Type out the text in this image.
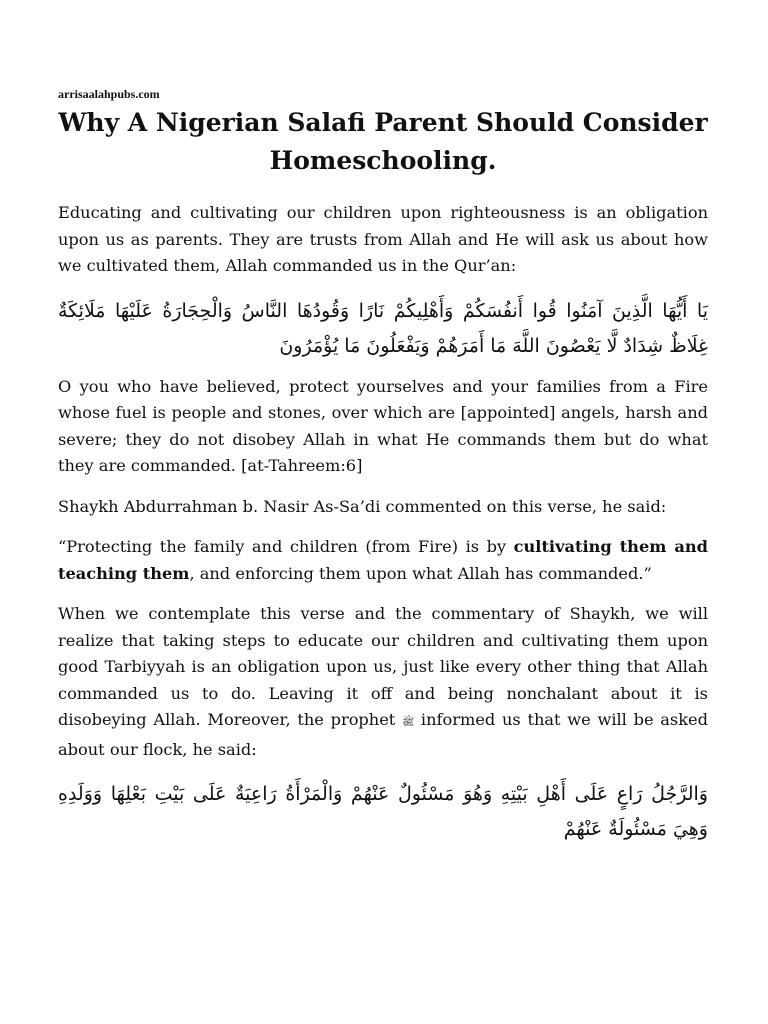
arrisaalahpubs.com
Why A Nigerian Salafi Parent Should Consider
Homeschooling.

Educating and cultivating our children upon righteousness is an obligation upon us as parents. They are trusts from Allah and He will ask us about how we cultivated them, Allah commanded us in the Qur’an:

يَا أَيُّهَا الَّذِينَ آمَنُوا قُوا أَنفُسَكُمْ وَأَهْلِيكُمْ نَارًا وَقُودُهَا النَّاسُ وَالْحِجَارَةُ عَلَيْهَا مَلَائِكَةٌ غِلَاظٌ شِدَادٌ لَّا يَعْصُونَ اللَّهَ مَا أَمَرَهُمْ وَيَفْعَلُونَ مَا يُؤْمَرُونَ

O you who have believed, protect yourselves and your families from a Fire whose fuel is people and stones, over which are [appointed] angels, harsh and severe; they do not disobey Allah in what He commands them but do what they are commanded. [at-Tahreem:6]

Shaykh Abdurrahman b. Nasir As-Sa’di commented on this verse, he said:

“Protecting the family and children (from Fire) is by cultivating them and teaching them, and enforcing them upon what Allah has commanded.”

When we contemplate this verse and the commentary of Shaykh, we will realize that taking steps to educate our children and cultivating them upon good Tarbiyyah is an obligation upon us, just like every other thing that Allah commanded us to do. Leaving it off and being nonchalant about it is disobeying Allah. Moreover, the prophet ﷺ informed us that we will be asked about our flock, he said:

وَالرَّجُلُ رَاعٍ عَلَى أَهْلِ بَيْتِهِ وَهُوَ مَسْئُولٌ عَنْهُمْ وَالْمَرْأَةُ رَاعِيَةٌ عَلَى بَيْتِ بَعْلِهَا وَوَلَدِهِ وَهِيَ مَسْئُولَةٌ عَنْهُمْ
